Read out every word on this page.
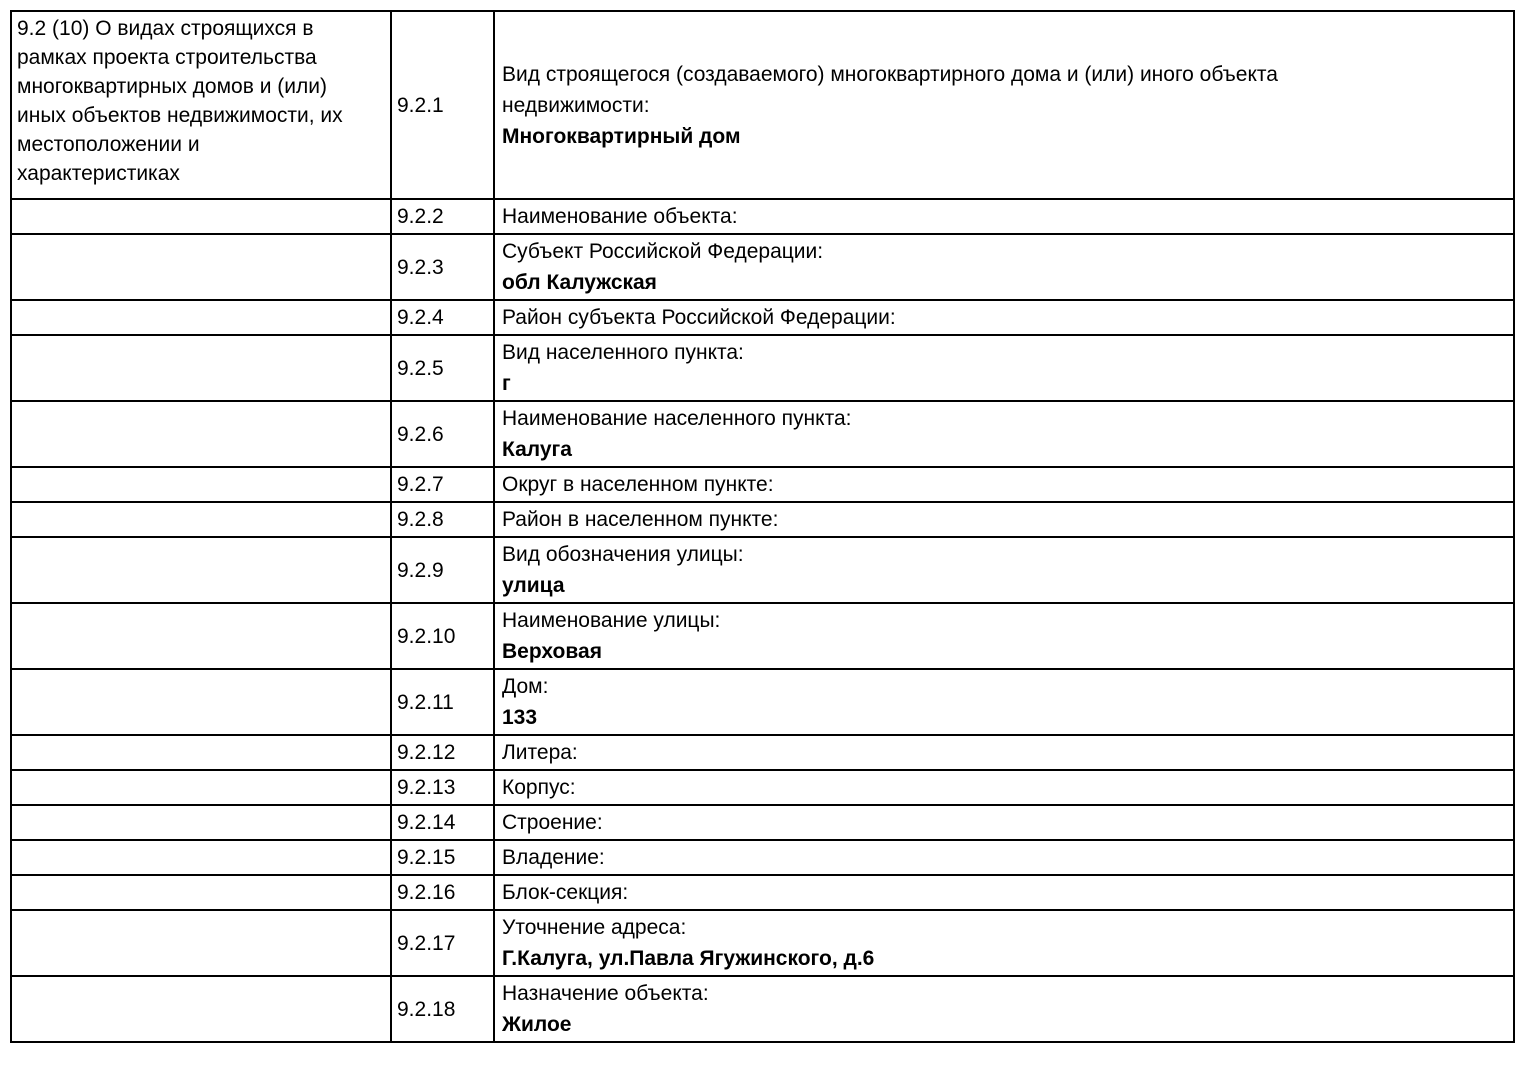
9.2 (10) О видах строящихся в рамках проекта строительства многоквартирных домов и (или) иных объектов недвижимости, их местоположении и характеристиках	9.2.1	Вид строящегося (создаваемого) многоквартирного дома и (или) иного объекта недвижимости:
Многоквартирный дом

	9.2.2	Наименование объекта:

	9.2.3	Субъект Российской Федерации:
обл Калужская

	9.2.4	Район субъекта Российской Федерации:

	9.2.5	Вид населенного пункта:
г

	9.2.6	Наименование населенного пункта:
Калуга

	9.2.7	Округ в населенном пункте:

	9.2.8	Район в населенном пункте:

	9.2.9	Вид обозначения улицы:
улица

	9.2.10	Наименование улицы:
Верховая

	9.2.11	Дом:
133

	9.2.12	Литера:

	9.2.13	Корпус:

	9.2.14	Строение:

	9.2.15	Владение:

	9.2.16	Блок-секция:

	9.2.17	Уточнение адреса:
Г.Калуга, ул.Павла Ягужинского, д.6

	9.2.18	Назначение объекта:
Жилое
